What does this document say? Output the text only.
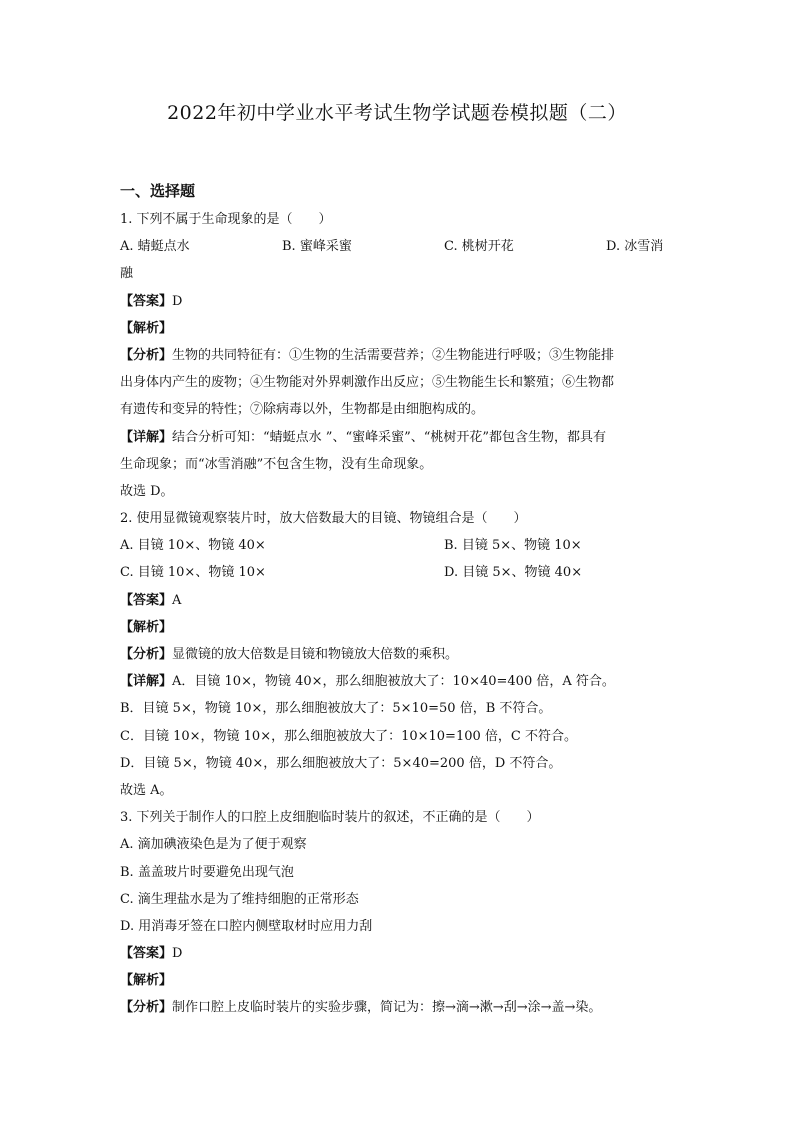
2022年初中学业水平考试生物学试题卷模拟题（二）
一、选择题
1. 下列不属于生命现象的是（　　）
A. 蜻蜓点水	B. 蜜峰采蜜	C. 桃树开花	D. 冰雪消
融
【答案】D
【解析】
【分析】生物的共同特征有：①生物的生活需要营养；②生物能进行呼吸；③生物能排
出身体内产生的废物；④生物能对外界刺激作出反应；⑤生物能生长和繁殖；⑥生物都
有遗传和变异的特性；⑦除病毒以外，生物都是由细胞构成的。
【详解】结合分析可知：“蜻蜓点水 ”、“蜜峰采蜜”、“桃树开花”都包含生物，都具有
生命现象；而“冰雪消融”不包含生物，没有生命现象。
故选 D。
2. 使用显微镜观察装片时，放大倍数最大的目镜、物镜组合是（　　）
A. 目镜 10×、物镜 40×	B. 目镜 5×、物镜 10×
C. 目镜 10×、物镜 10×	D. 目镜 5×、物镜 40×
【答案】A
【解析】
【分析】显微镜的放大倍数是目镜和物镜放大倍数的乘积。
【详解】A．目镜 10×，物镜 40×，那么细胞被放大了：10×40=400 倍，A 符合。
B．目镜 5×，物镜 10×，那么细胞被放大了：5×10=50 倍，B 不符合。
C．目镜 10×，物镜 10×，那么细胞被放大了：10×10=100 倍，C 不符合。
D．目镜 5×，物镜 40×，那么细胞被放大了：5×40=200 倍，D 不符合。
故选 A。
3. 下列关于制作人的口腔上皮细胞临时装片的叙述，不正确的是（　　）
A. 滴加碘液染色是为了便于观察
B. 盖盖玻片时要避免出现气泡
C. 滴生理盐水是为了维持细胞的正常形态
D. 用消毒牙签在口腔内侧壁取材时应用力刮
【答案】D
【解析】
【分析】制作口腔上皮临时装片的实验步骤，简记为：擦→滴→漱→刮→涂→盖→染。
